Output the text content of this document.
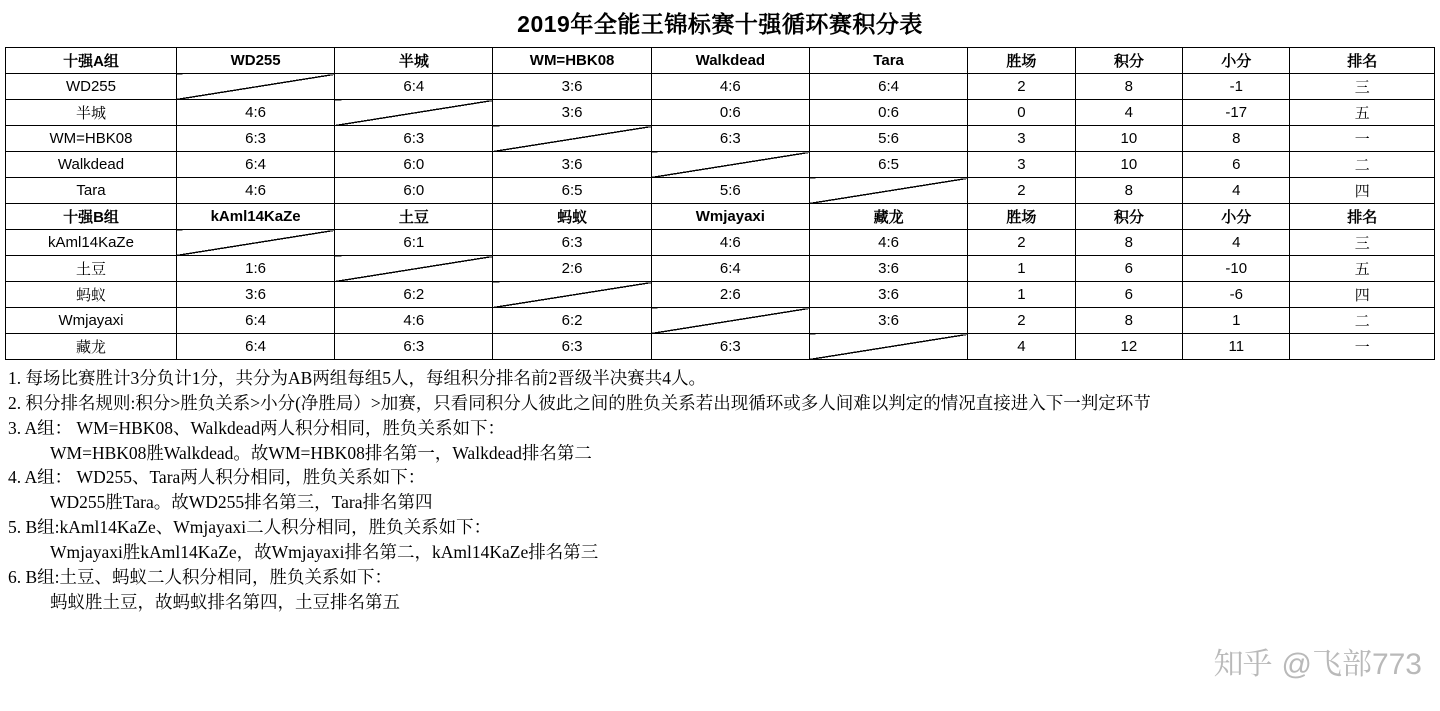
2019年全能王锦标赛十强循环赛积分表
十强A组	WD255	半城	WM=HBK08	Walkdead	Tara	胜场	积分	小分	排名
WD255		6:4	3:6	4:6	6:4	2	8	-1	三
半城	4:6		3:6	0:6	0:6	0	4	-17	五
WM=HBK08	6:3	6:3		6:3	5:6	3	10	8	一
Walkdead	6:4	6:0	3:6		6:5	3	10	6	二
Tara	4:6	6:0	6:5	5:6		2	8	4	四
十强B组	kAml14KaZe	土豆	蚂蚁	Wmjayaxi	藏龙	胜场	积分	小分	排名
kAml14KaZe		6:1	6:3	4:6	4:6	2	8	4	三
土豆	1:6		2:6	6:4	3:6	1	6	-10	五
蚂蚁	3:6	6:2		2:6	3:6	1	6	-6	四
Wmjayaxi	6:4	4:6	6:2		3:6	2	8	1	二
藏龙	6:4	6:3	6:3	6:3		4	12	11	一
1. 每场比赛胜计3分负计1分，共分为AB两组每组5人，每组积分排名前2晋级半决赛共4人。
2. 积分排名规则:积分>胜负关系>小分(净胜局）>加赛，只看同积分人彼此之间的胜负关系若出现循环或多人间难以判定的情况直接进入下一判定环节
3. A组： WM=HBK08、Walkdead两人积分相同，胜负关系如下：
WM=HBK08胜Walkdead。故WM=HBK08排名第一，Walkdead排名第二
4. A组： WD255、Tara两人积分相同，胜负关系如下：
WD255胜Tara。故WD255排名第三，Tara排名第四
5. B组:kAml14KaZe、Wmjayaxi二人积分相同，胜负关系如下：
Wmjayaxi胜kAml14KaZe，故Wmjayaxi排名第二，kAml14KaZe排名第三
6. B组:土豆、蚂蚁二人积分相同，胜负关系如下：
蚂蚁胜土豆，故蚂蚁排名第四，土豆排名第五
知乎 @飞部773
